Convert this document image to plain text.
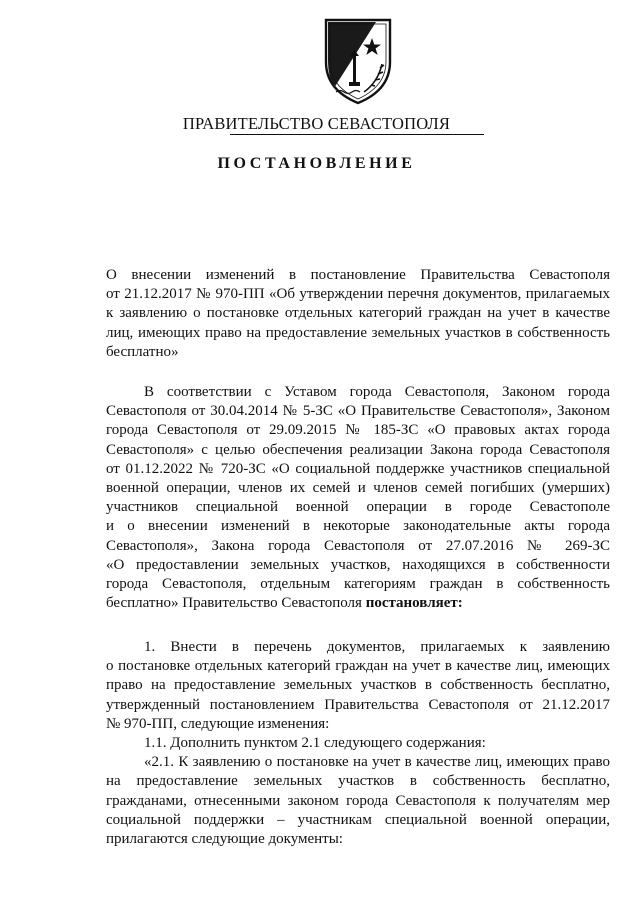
ПРАВИТЕЛЬСТВО СЕВАСТОПОЛЯ
ПОСТАНОВЛЕНИЕ
О внесении изменений в постановление Правительства Севастополя
от 21.12.2017 № 970-ПП «Об утверждении перечня документов, прилагаемых
к заявлению о постановке отдельных категорий граждан на учет в качестве
лиц, имеющих право на предоставление земельных участков в собственность
бесплатно»
В соответствии с Уставом города Севастополя, Законом города
Севастополя от 30.04.2014 № 5-ЗС «О Правительстве Севастополя», Законом
города Севастополя от 29.09.2015 № 185-ЗС «О правовых актах города
Севастополя» с целью обеспечения реализации Закона города Севастополя
от 01.12.2022 № 720-ЗС «О социальной поддержке участников специальной
военной операции, членов их семей и членов семей погибших (умерших)
участников специальной военной операции в городе Севастополе
и о внесении изменений в некоторые законодательные акты города
Севастополя», Закона города Севастополя от 27.07.2016 № 269-ЗС
«О предоставлении земельных участков, находящихся в собственности
города Севастополя, отдельным категориям граждан в собственность
бесплатно» Правительство Севастополя постановляет:
1. Внести в перечень документов, прилагаемых к заявлению
о постановке отдельных категорий граждан на учет в качестве лиц, имеющих
право на предоставление земельных участков в собственность бесплатно,
утвержденный постановлением Правительства Севастополя от 21.12.2017
№ 970-ПП, следующие изменения:
1.1. Дополнить пунктом 2.1 следующего содержания:
«2.1. К заявлению о постановке на учет в качестве лиц, имеющих право
на предоставление земельных участков в собственность бесплатно,
гражданами, отнесенными законом города Севастополя к получателям мер
социальной поддержки – участникам специальной военной операции,
прилагаются следующие документы:
